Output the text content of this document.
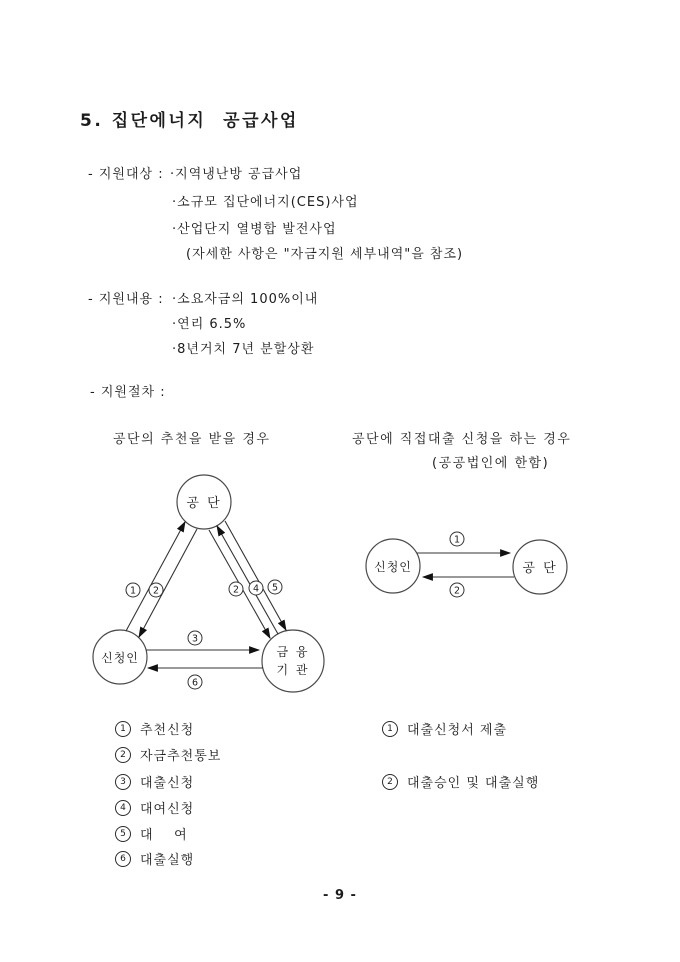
5. 집단에너지  공급사업
- 지원대상 : ·지역냉난방 공급사업
·소규모 집단에너지(CES)사업
·산업단지 열병합 발전사업
(자세한 사항은 "자금지원 세부내역"을 참조)
- 지원내용 : ·소요자금의 100%이내
·연리 6.5%
·8년거치 7년 분할상환
- 지원절차 :
공단의 추천을 받을 경우	공단에 직접대출 신청을 하는 경우
(공공법인에 한함)
공 단
신청인	금 융
기 관
1 2	2 4 5
3
6
신청인	공 단
1
2
1	추천신청
2	자금추천통보
3	대출신청
4	대여신청
5	대    여
6	대출실행
1	대출신청서 제출
2	대출승인 및 대출실행
- 9 -
